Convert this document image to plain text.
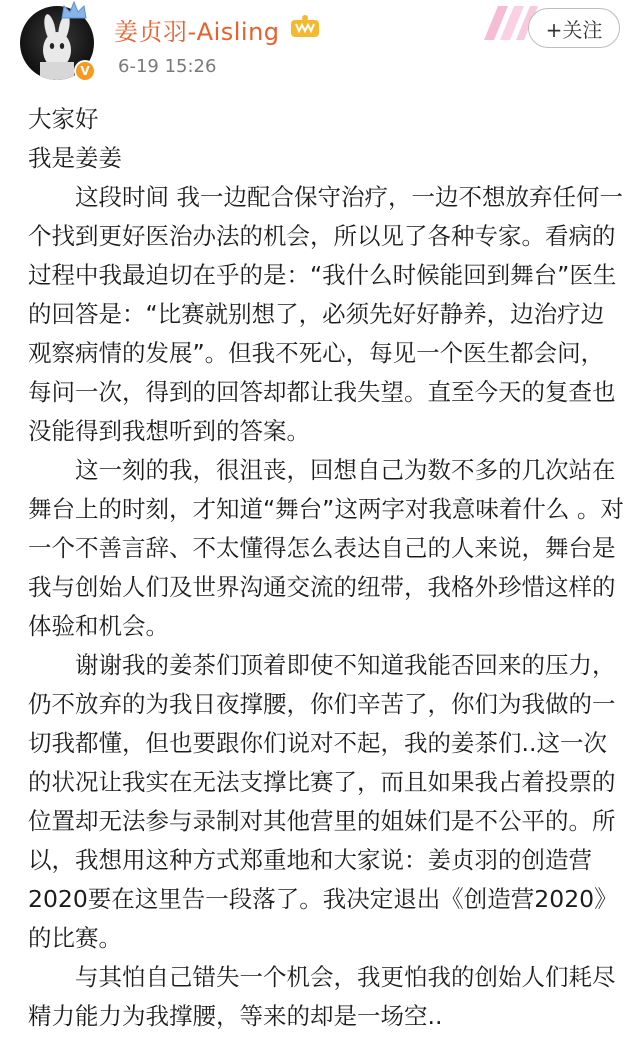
V
姜贞羽-Aisling
6-19 15:26
+关注

大家好

我是姜姜

这段时间 我一边配合保守治疗，一边不想放弃任何一个找到更好医治办法的机会，所以见了各种专家。看病的过程中我最迫切在乎的是：“我什么时候能回到舞台”医生的回答是：“比赛就别想了，必须先好好静养，边治疗边观察病情的发展”。但我不死心，每见一个医生都会问，每问一次，得到的回答却都让我失望。直至今天的复查也没能得到我想听到的答案。

这一刻的我，很沮丧，回想自己为数不多的几次站在舞台上的时刻，才知道“舞台”这两字对我意味着什么 。对一个不善言辞、不太懂得怎么表达自己的人来说，舞台是我与创始人们及世界沟通交流的纽带，我格外珍惜这样的体验和机会。

谢谢我的姜茶们顶着即使不知道我能否回来的压力，仍不放弃的为我日夜撑腰，你们辛苦了，你们为我做的一切我都懂，但也要跟你们说对不起，我的姜茶们..这一次的状况让我实在无法支撑比赛了，而且如果我占着投票的位置却无法参与录制对其他营里的姐妹们是不公平的。所以，我想用这种方式郑重地和大家说：姜贞羽的创造营2020要在这里告一段落了。我决定退出《创造营2020》的比赛。

与其怕自己错失一个机会，我更怕我的创始人们耗尽精力能力为我撑腰，等来的却是一场空..
